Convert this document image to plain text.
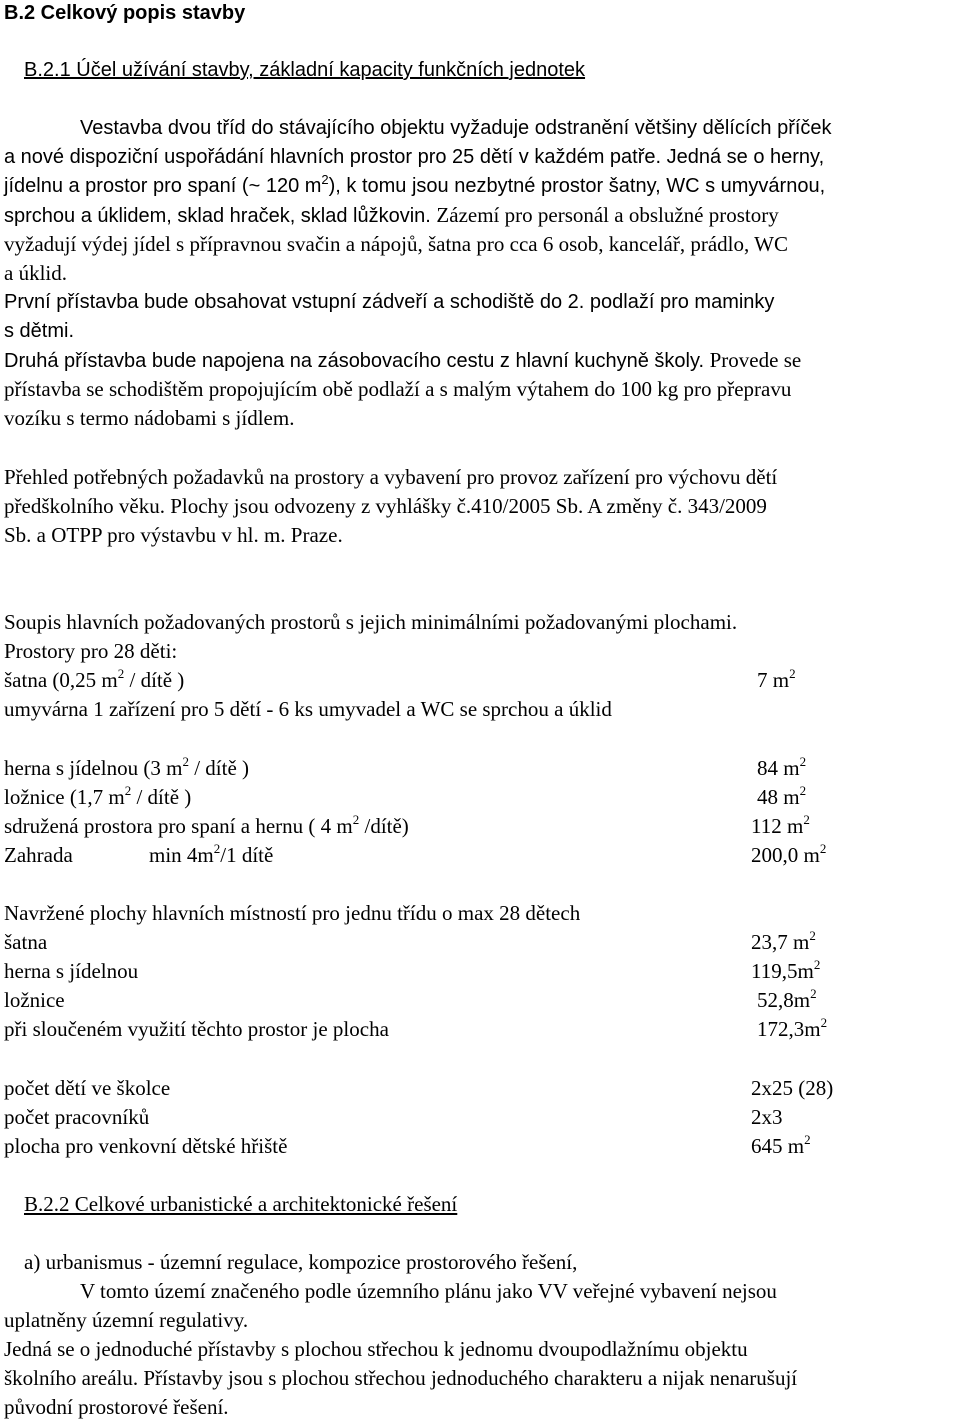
B.2 Celkový popis stavby
B.2.1 Účel užívání stavby, základní kapacity funkčních jednotek
Vestavba dvou tříd do stávajícího objektu vyžaduje odstranění většiny dělících příček
a nové dispoziční uspořádání hlavních prostor pro 25 dětí v každém patře. Jedná se o herny,
jídelnu a prostor pro spaní (~ 120 $m^2$), k tomu jsou nezbytné prostor šatny, WC s umyvárnou,
sprchou a úklidem, sklad hraček, sklad lůžkovin. Zázemí pro personál a obslužné prostory
vyžadují výdej jídel s přípravnou svačin a nápojů, šatna pro cca 6 osob, kancelář, prádlo, WC
a úklid.
První přístavba bude obsahovat vstupní zádveří a schodiště do 2. podlaží pro maminky
s dětmi.
Druhá přístavba bude napojena na zásobovacího cestu z hlavní kuchyně školy. Provede se
přístavba se schodištěm propojujícím obě podlaží a s malým výtahem do 100 kg pro přepravu
vozíku s termo nádobami s jídlem.
Přehled potřebných požadavků na prostory a vybavení pro provoz zařízení pro výchovu dětí
předškolního věku. Plochy jsou odvozeny z vyhlášky č.410/2005 Sb. A změny č. 343/2009
Sb. a OTPP pro výstavbu v hl. m. Praze.
Soupis hlavních požadovaných prostorů s jejich minimálními požadovanými plochami.
Prostory pro 28 děti:
šatna (0,25 $m^2$ / dítě )	7 $m^2$
umyvárna 1 zařízení pro 5 dětí - 6 ks umyvadel a WC se sprchou a úklid
herna s jídelnou (3 $m^2$ / dítě )	84 $m^2$
ložnice (1,7 $m^2$ / dítě )	48 $m^2$
sdružená prostora pro spaní a hernu ( 4 $m^2$ /dítě)	112 $m^2$
Zahrada	$\min 4m^2/1$ dítě	200,0 $m^2$
Navržené plochy hlavních místností pro jednu třídu o max 28 dětech
šatna	23,7 $m^2$
herna s jídelnou	$119,5m^2$
ložnice	$52,8m^2$
při sloučeném využití těchto prostor je plocha	$172,3m^2$
počet dětí ve školce	2x25 (28)
počet pracovníků	2x3
plocha pro venkovní dětské hřiště	645 $m^2$
B.2.2 Celkové urbanistické a architektonické řešení
a) urbanismus - územní regulace, kompozice prostorového řešení,
V tomto území značeného podle územního plánu jako VV veřejné vybavení nejsou
uplatněny územní regulativy.
Jedná se o jednoduché přístavby s plochou střechou k jednomu dvoupodlažnímu objektu
školního areálu. Přístavby jsou s plochou střechou jednoduchého charakteru a nijak nenarušují
původní prostorové řešení.
